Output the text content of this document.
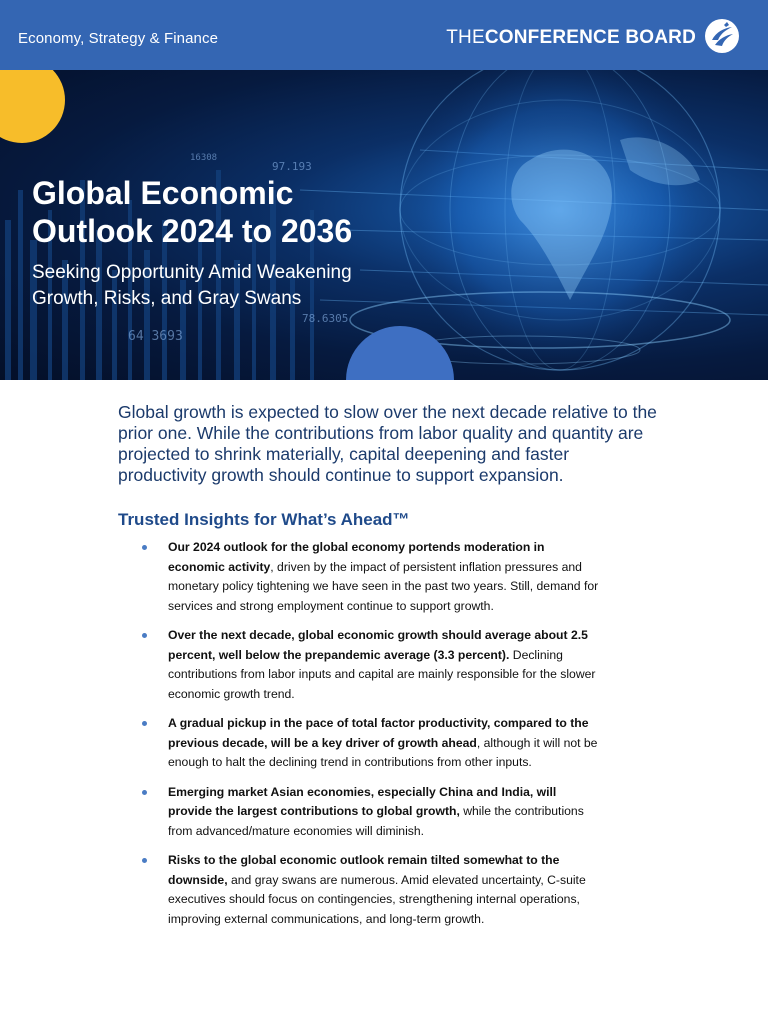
Economy, Strategy & Finance	THECONFERENCE BOARD
64 3693
78.6305
97.193
16308
Global Economic
Outlook 2024 to 2036
Seeking Opportunity Amid Weakening
Growth, Risks, and Gray Swans
Global growth is expected to slow over the next decade relative to the prior one. While the contributions from labor quality and quantity are projected to shrink materially, capital deepening and faster productivity growth should continue to support expansion.
Trusted Insights for What’s Ahead™
Our 2024 outlook for the global economy portends moderation in economic activity, driven by the impact of persistent inflation pressures and monetary policy tightening we have seen in the past two years. Still, demand for services and strong employment continue to support growth.
Over the next decade, global economic growth should average about 2.5 percent, well below the prepandemic average (3.3 percent). Declining contributions from labor inputs and capital are mainly responsible for the slower economic growth trend.
A gradual pickup in the pace of total factor productivity, compared to the previous decade, will be a key driver of growth ahead, although it will not be enough to halt the declining trend in contributions from other inputs.
Emerging market Asian economies, especially China and India, will provide the largest contributions to global growth, while the contributions from advanced/mature economies will diminish.
Risks to the global economic outlook remain tilted somewhat to the downside, and gray swans are numerous. Amid elevated uncertainty, C-suite executives should focus on contingencies, strengthening internal operations, improving external communications, and long-term growth.
